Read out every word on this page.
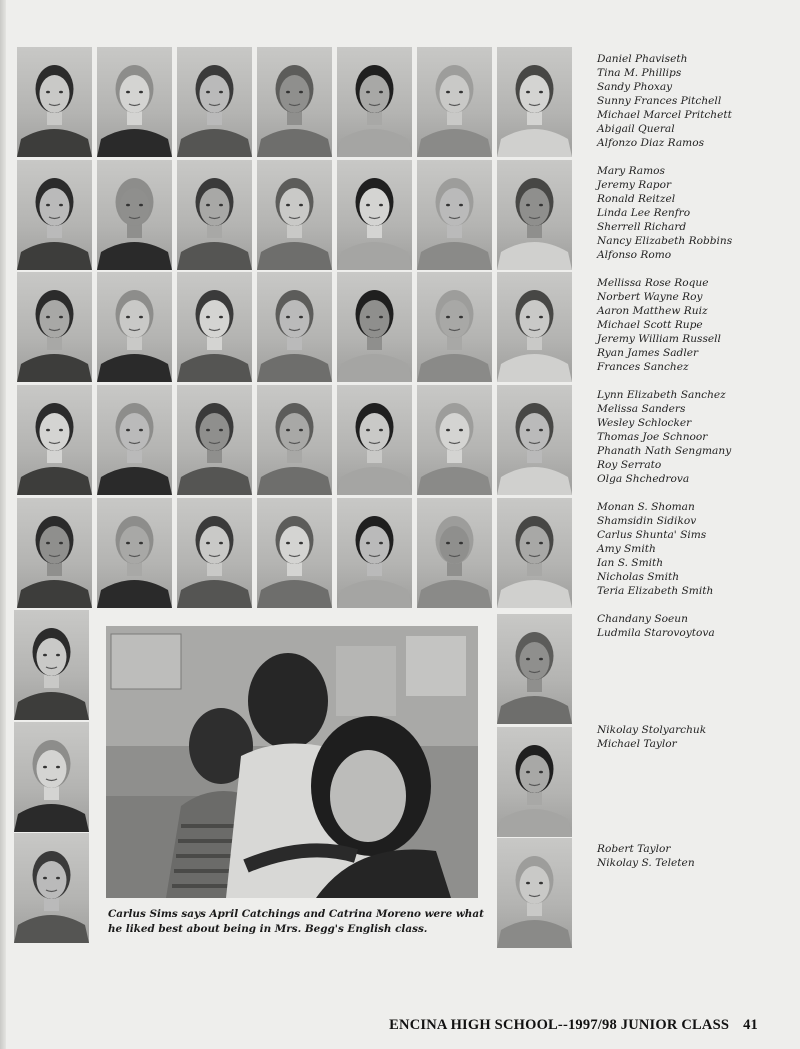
Daniel Phaviseth
Tina M. Phillips
Sandy Phoxay
Sunny Frances Pitchell
Michael Marcel Pritchett
Abigail Queral
Alfonzo Diaz Ramos
Mary Ramos
Jeremy Rapor
Ronald Reitzel
Linda Lee Renfro
Sherrell Richard
Nancy Elizabeth Robbins
Alfonso Romo
Mellissa Rose Roque
Norbert Wayne Roy
Aaron Matthew Ruiz
Michael Scott Rupe
Jeremy William Russell
Ryan James Sadler
Frances Sanchez
Lynn Elizabeth Sanchez
Melissa Sanders
Wesley Schlocker
Thomas Joe Schnoor
Phanath Nath Sengmany
Roy Serrato
Olga Shchedrova
Monan S. Shoman
Shamsidin Sidikov
Carlus Shunta' Sims
Amy Smith
Ian S. Smith
Nicholas Smith
Teria Elizabeth Smith
Chandany Soeun
Ludmila Starovoytova
Nikolay Stolyarchuk
Michael Taylor
Robert Taylor
Nikolay S. Teleten
Carlus Sims says April Catchings and Catrina Moreno were what he liked best about being in Mrs. Begg's English class.
ENCINA HIGH SCHOOL--1997/98 JUNIOR CLASS 41
